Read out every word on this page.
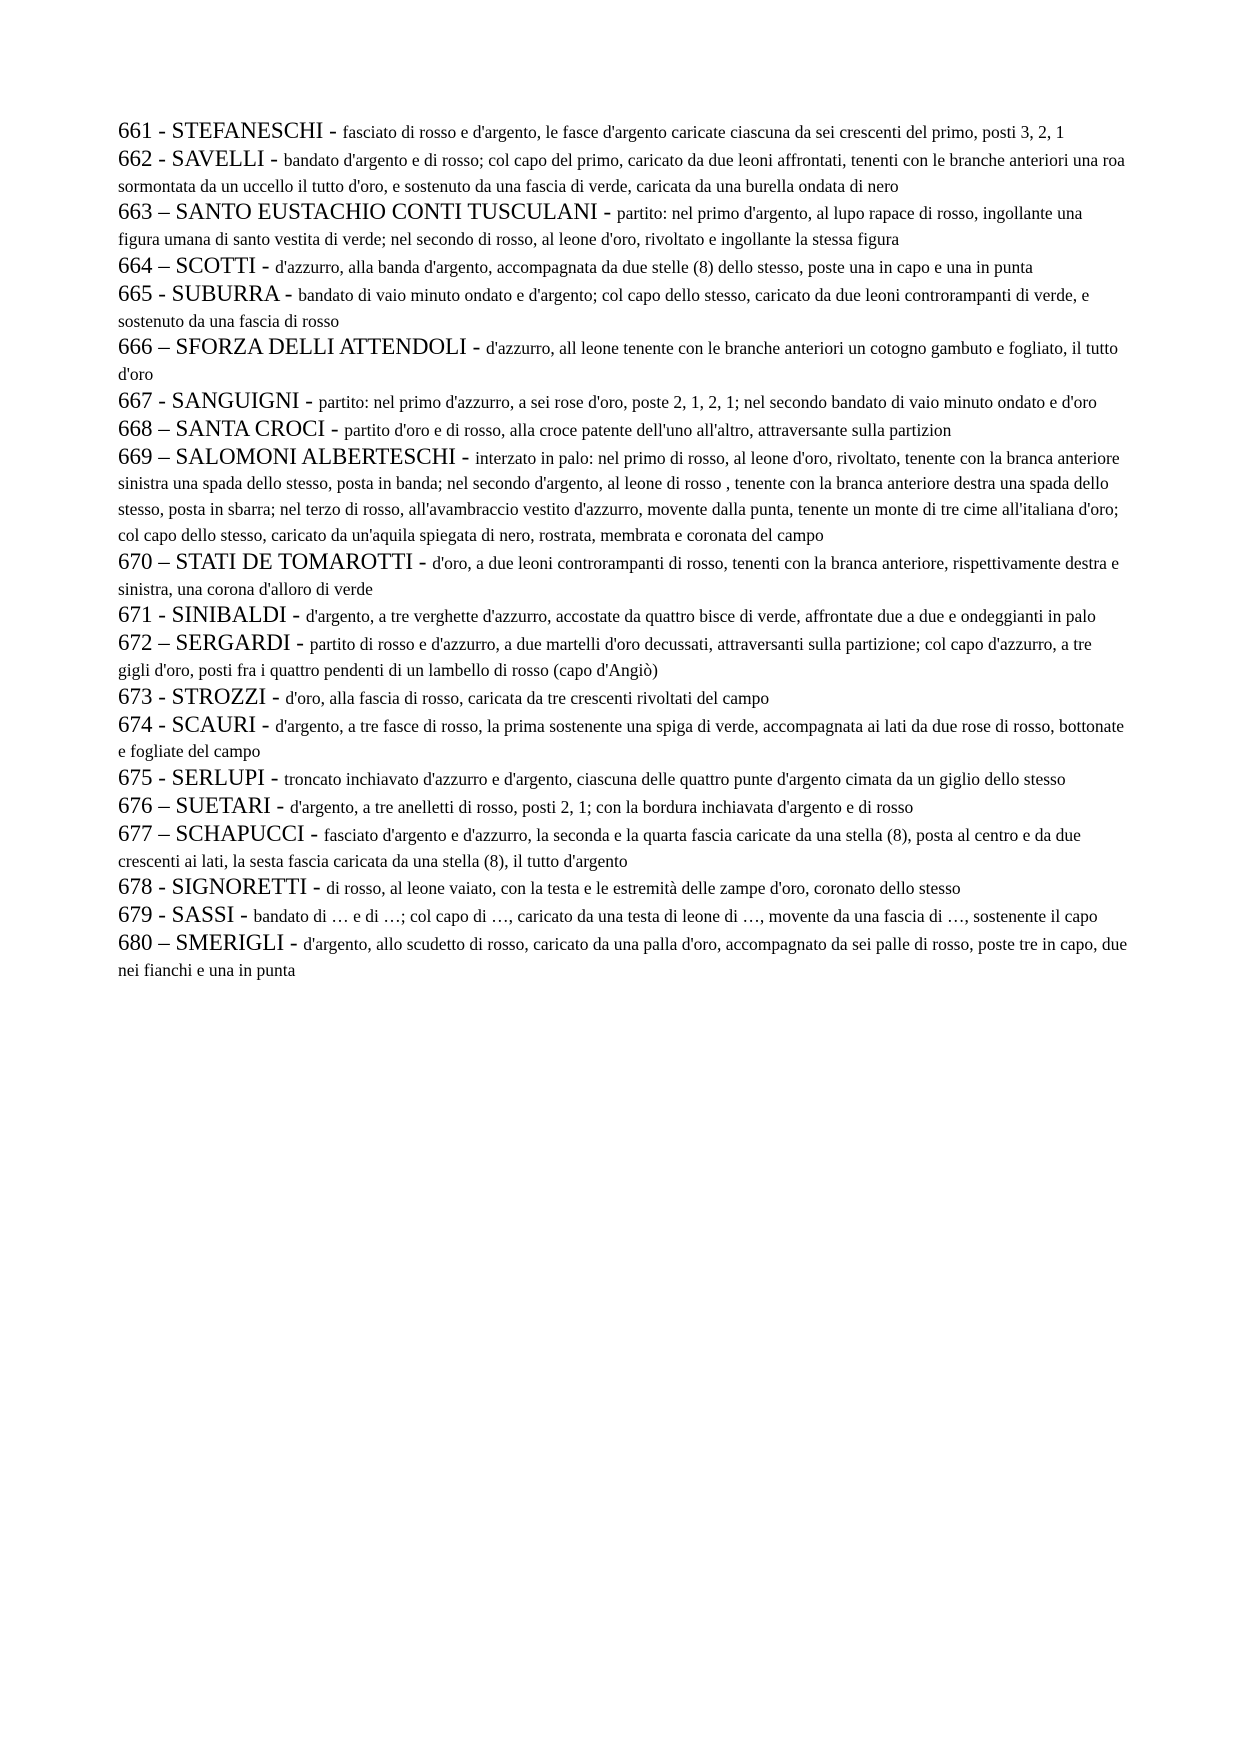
661 - STEFANESCHI - fasciato di rosso e d'argento, le fasce d'argento caricate ciascuna da sei crescenti del primo, posti 3, 2, 1

662 - SAVELLI - bandato d'argento e di rosso; col capo del primo, caricato da due leoni affrontati, tenenti con le branche anteriori una roa sormontata da un uccello il tutto d'oro, e sostenuto da una fascia di verde, caricata da una burella ondata di nero

663 – SANTO EUSTACHIO CONTI TUSCULANI - partito: nel primo d'argento, al lupo rapace di rosso, ingollante una figura umana di santo vestita di verde; nel secondo di rosso, al leone d'oro, rivoltato e ingollante la stessa figura

664 – SCOTTI - d'azzurro, alla banda d'argento, accompagnata da due stelle (8) dello stesso, poste una in capo e una in punta

665 - SUBURRA - bandato di vaio minuto ondato e d'argento; col capo dello stesso, caricato da due leoni controrampanti di verde, e sostenuto da una fascia di rosso

666 – SFORZA DELLI ATTENDOLI - d'azzurro, all leone tenente con le branche anteriori un cotogno gambuto e fogliato, il tutto d'oro

667 - SANGUIGNI - partito: nel primo d'azzurro, a sei rose d'oro, poste 2, 1, 2, 1; nel secondo bandato di vaio minuto ondato e d'oro

668 – SANTA CROCI - partito d'oro e di rosso, alla croce patente dell'uno all'altro, attraversante sulla partizion

669 – SALOMONI ALBERTESCHI - interzato in palo: nel primo di rosso, al leone d'oro, rivoltato, tenente con la branca anteriore sinistra una spada dello stesso, posta in banda; nel secondo d'argento, al leone di rosso , tenente con la branca anteriore destra una spada dello stesso, posta in sbarra; nel terzo di rosso, all'avambraccio vestito d'azzurro, movente dalla punta, tenente un monte di tre cime all'italiana d'oro; col capo dello stesso, caricato da un'aquila spiegata di nero, rostrata, membrata e coronata del campo

670 – STATI DE TOMAROTTI - d'oro, a due leoni controrampanti di rosso, tenenti con la branca anteriore, rispettivamente destra e sinistra, una corona d'alloro di verde

671 - SINIBALDI - d'argento, a tre verghette d'azzurro, accostate da quattro bisce di verde, affrontate due a due e ondeggianti in palo

672 – SERGARDI - partito di rosso e d'azzurro, a due martelli d'oro decussati, attraversanti sulla partizione; col capo d'azzurro, a tre gigli d'oro, posti fra i quattro pendenti di un lambello di rosso (capo d'Angiò)

673 - STROZZI - d'oro, alla fascia di rosso, caricata da tre crescenti rivoltati del campo

674 - SCAURI - d'argento, a tre fasce di rosso, la prima sostenente una spiga di verde, accompagnata ai lati da due rose di rosso, bottonate e fogliate del campo

675 - SERLUPI - troncato inchiavato d'azzurro e d'argento, ciascuna delle quattro punte d'argento cimata da un giglio dello stesso

676 – SUETARI - d'argento, a tre anelletti di rosso, posti 2, 1; con la bordura inchiavata d'argento e di rosso

677 – SCHAPUCCI - fasciato d'argento e d'azzurro, la seconda e la quarta fascia caricate da una stella (8), posta al centro e da due crescenti ai lati, la sesta fascia caricata da una stella (8), il tutto d'argento

678 - SIGNORETTI - di rosso, al leone vaiato, con la testa e le estremità delle zampe d'oro, coronato dello stesso

679 - SASSI - bandato di … e di …; col capo di …, caricato da una testa di leone di …, movente da una fascia di …, sostenente il capo

680 – SMERIGLI - d'argento, allo scudetto di rosso, caricato da una palla d'oro, accompagnato da sei palle di rosso, poste tre in capo, due nei fianchi e una in punta
